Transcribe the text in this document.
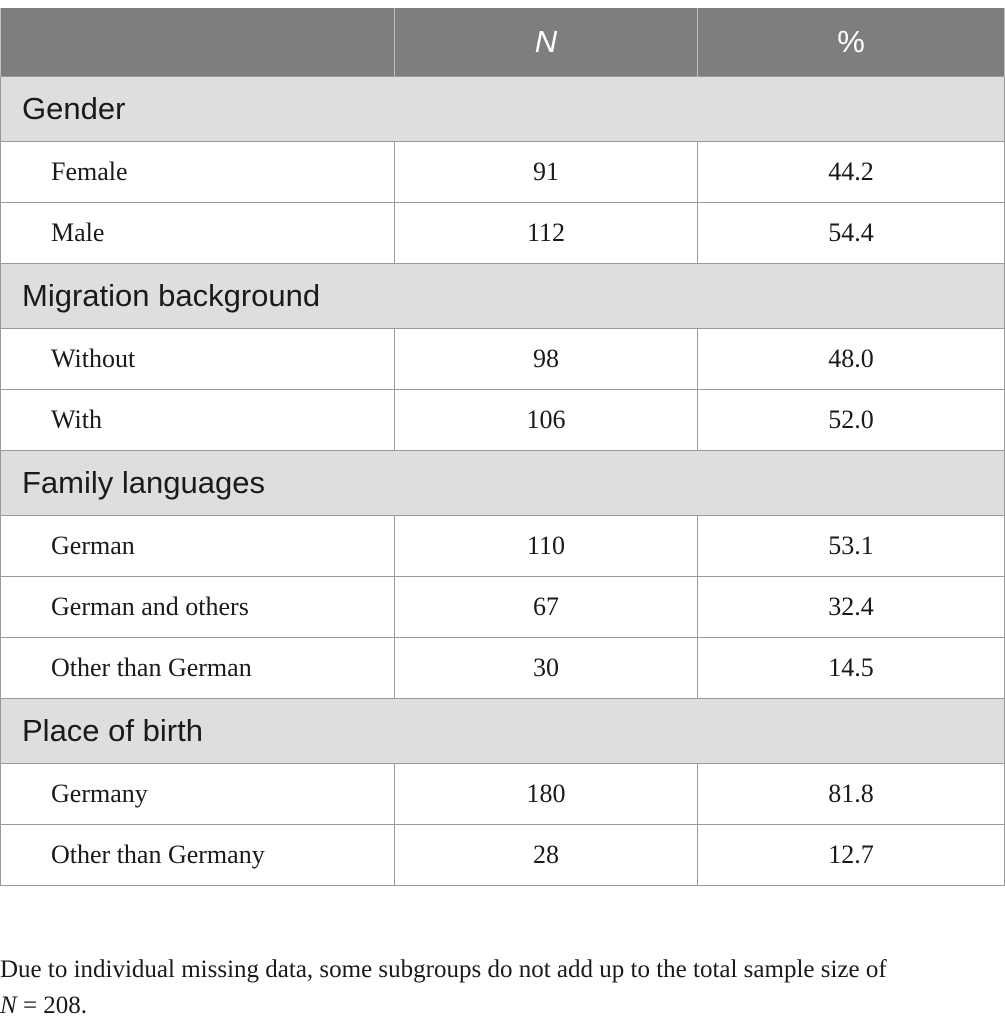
	N	%
Gender		
Female	91	44.2
Male	112	54.4
Migration background		
Without	98	48.0
With	106	52.0
Family languages		
German	110	53.1
German and others	67	32.4
Other than German	30	14.5
Place of birth		
Germany	180	81.8
Other than Germany	28	12.7
Due to individual missing data, some subgroups do not add up to the total sample size of
N = 208.
